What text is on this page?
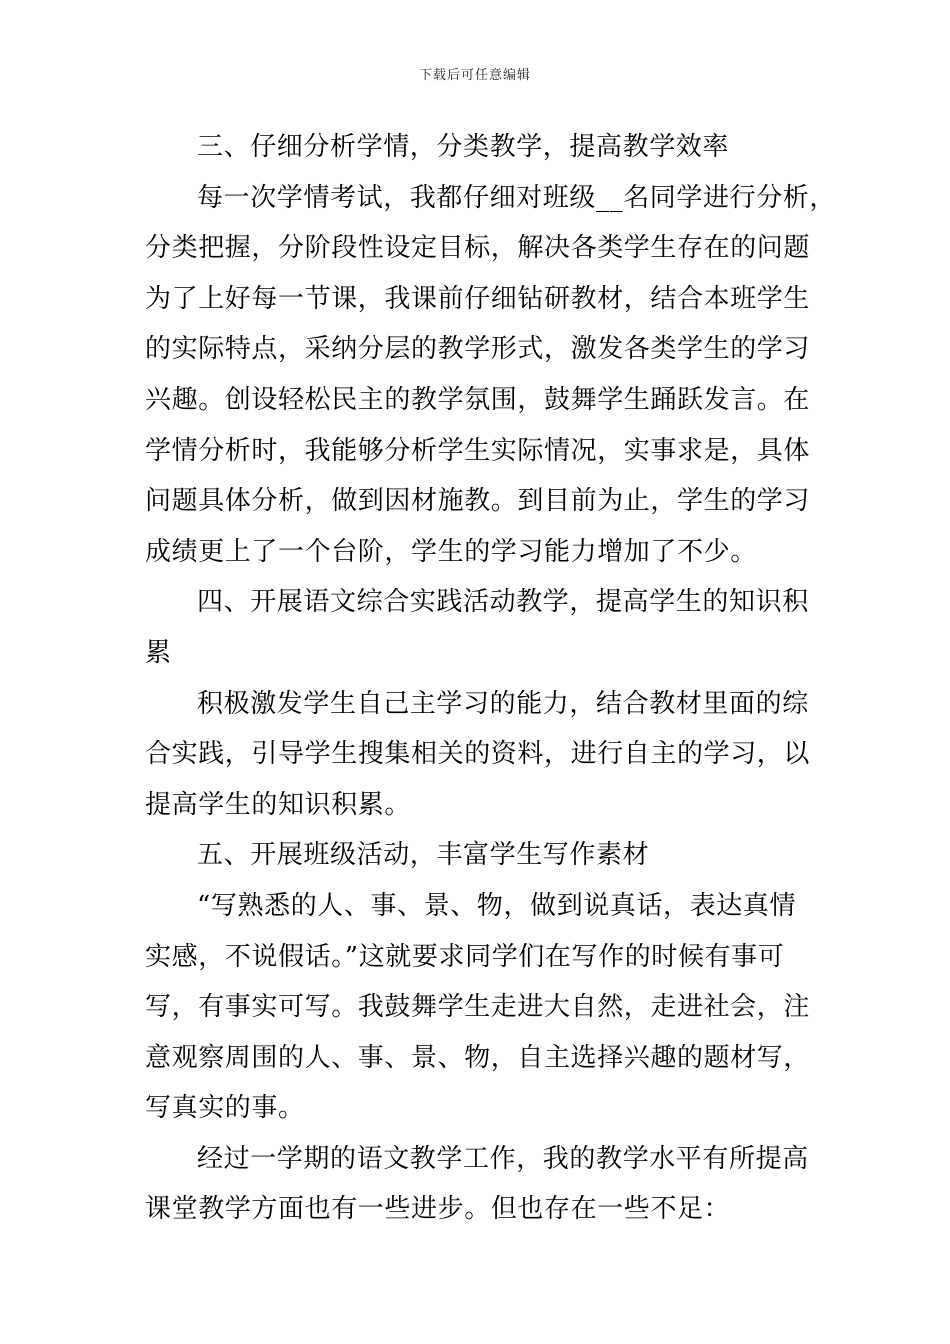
下载后可任意编辑
三、仔细分析学情，分类教学，提高教学效率
每一次学情考试，我都仔细对班级__名同学进行分析，
分类把握，分阶段性设定目标，解决各类学生存在的问题
为了上好每一节课，我课前仔细钻研教材，结合本班学生
的实际特点，采纳分层的教学形式，激发各类学生的学习
兴趣。创设轻松民主的教学氛围，鼓舞学生踊跃发言。在
学情分析时，我能够分析学生实际情况，实事求是，具体
问题具体分析，做到因材施教。到目前为止，学生的学习
成绩更上了一个台阶，学生的学习能力增加了不少。
四、开展语文综合实践活动教学，提高学生的知识积
累
积极激发学生自己主学习的能力，结合教材里面的综
合实践，引导学生搜集相关的资料，进行自主的学习，以
提高学生的知识积累。
五、开展班级活动，丰富学生写作素材
“写熟悉的人、事、景、物，做到说真话，表达真情
实感，不说假话。”这就要求同学们在写作的时候有事可
写，有事实可写。我鼓舞学生走进大自然，走进社会，注
意观察周围的人、事、景、物，自主选择兴趣的题材写，
写真实的事。
经过一学期的语文教学工作，我的教学水平有所提高
课堂教学方面也有一些进步。但也存在一些不足：
